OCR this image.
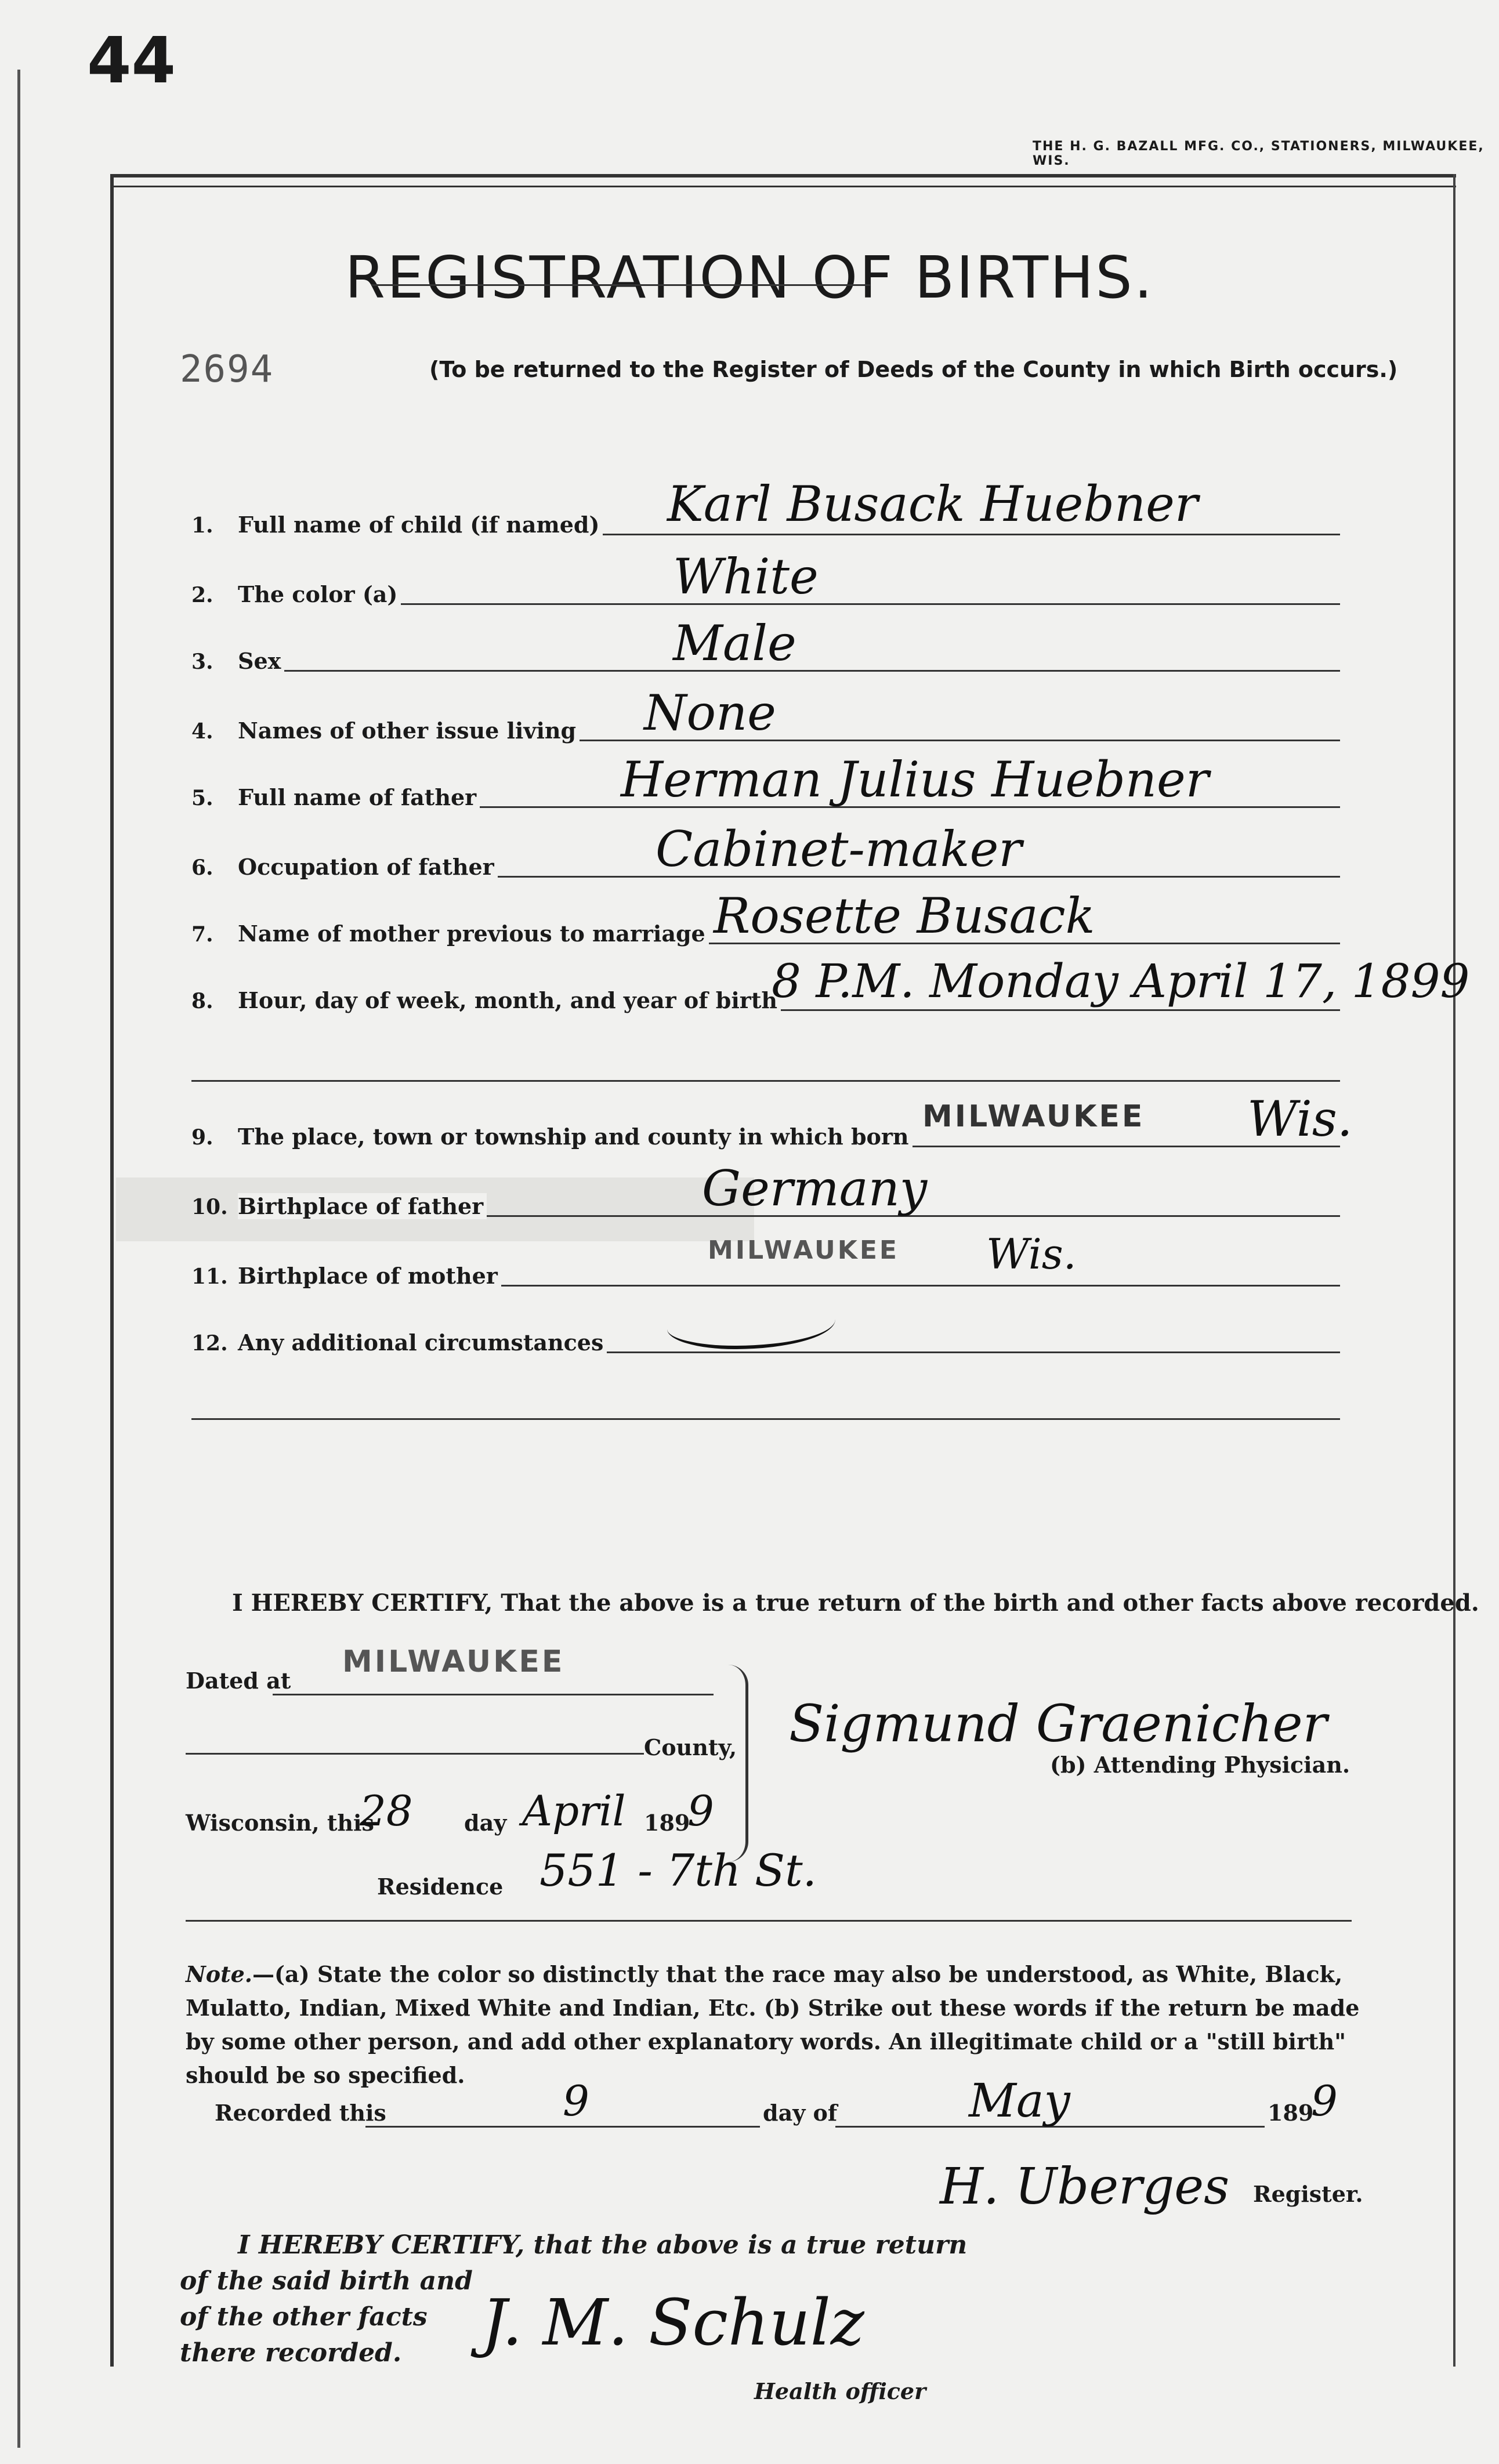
44
THE H. G. BAZALL MFG. CO., STATIONERS, MILWAUKEE, WIS.
REGISTRATION OF BIRTHS.
2694	(To be returned to the Register of Deeds of the County in which Birth occurs.)
1. Full name of child (if named) Karl Busack Huebner
2. The color (a)	White
3. Sex	Male
4. Names of other issue living None
5. Full name of father	Herman Julius Huebner
6. Occupation of father	Cabinet-maker
7. Name of mother previous to marriage Rosette Busack
8. Hour, day of week, month, and year of birth
8 P.M. Monday April 17, 1899
9. The place, town or township and county in which born
MILWAUKEE Wis.
10. Birthplace of father	Germany
11. Birthplace of mother
MILWAUKEE Wis.
12. Any additional circumstances
I HEREBY CERTIFY, That the above is a true return of the birth and other facts above recorded.
Dated at
MILWAUKEE
County,
Wisconsin, this
28 day April 189
9
Residence 551 - 7th St.
Sigmund Graenicher
(b) Attending Physician.
Note.—(a) State the color so distinctly that the race may also be understood, as White, Black, Mulatto, Indian, Mixed White and Indian, Etc. (b) Strike out these words if the return be made by some other person, and add other explanatory words. An illegitimate child or a "still birth" should be so specified.
Recorded this	9	day of	May	189
9
H. Uberges Register.
I HEREBY CERTIFY, that the above is a true return
of the said birth and
of the other facts
there recorded.	J. M. Schulz
Health officer
